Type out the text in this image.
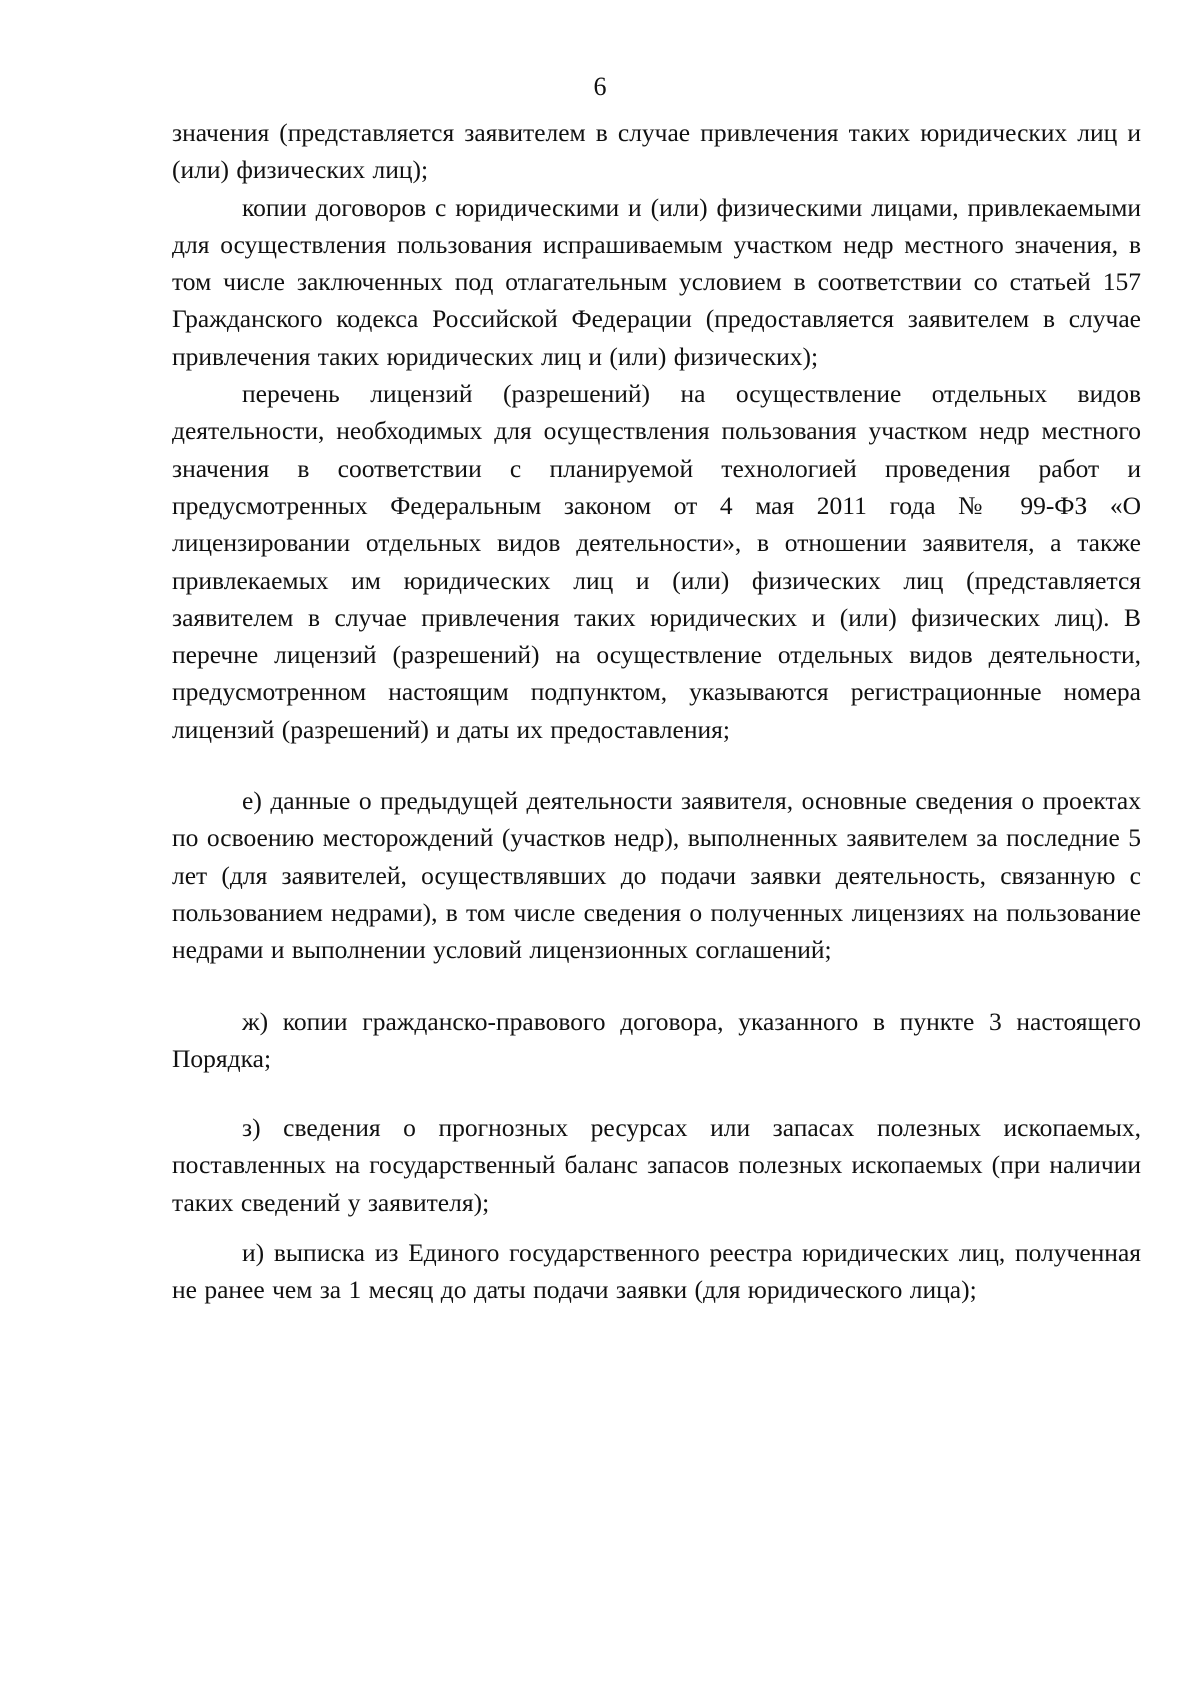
6

значения (представляется заявителем в случае привлечения таких юридических лиц и (или) физических лиц);

копии договоров с юридическими и (или) физическими лицами, привлекаемыми для осуществления пользования испрашиваемым участком недр местного значения, в том числе заключенных под отлагательным условием в соответствии со статьей 157 Гражданского кодекса Российской Федерации (предоставляется заявителем в случае привлечения таких юридических лиц и (или) физических);

перечень лицензий (разрешений) на осуществление отдельных видов деятельности, необходимых для осуществления пользования участком недр местного значения в соответствии с планируемой технологией проведения работ и предусмотренных Федеральным законом от 4 мая 2011 года № 99-ФЗ «О лицензировании отдельных видов деятельности», в отношении заявителя, а также привлекаемых им юридических лиц и (или) физических лиц (представляется заявителем в случае привлечения таких юридических и (или) физических лиц). В перечне лицензий (разрешений) на осуществление отдельных видов деятельности, предусмотренном настоящим подпунктом, указываются регистрационные номера лицензий (разрешений) и даты их предоставления;

е) данные о предыдущей деятельности заявителя, основные сведения о проектах по освоению месторождений (участков недр), выполненных заявителем за последние 5 лет (для заявителей, осуществлявших до подачи заявки деятельность, связанную с пользованием недрами), в том числе сведения о полученных лицензиях на пользование недрами и выполнении условий лицензионных соглашений;

ж) копии гражданско-правового договора, указанного в пункте 3 настоящего Порядка;

з) сведения о прогнозных ресурсах или запасах полезных ископаемых, поставленных на государственный баланс запасов полезных ископаемых (при наличии таких сведений у заявителя);

и) выписка из Единого государственного реестра юридических лиц, полученная не ранее чем за 1 месяц до даты подачи заявки (для юридического лица);
